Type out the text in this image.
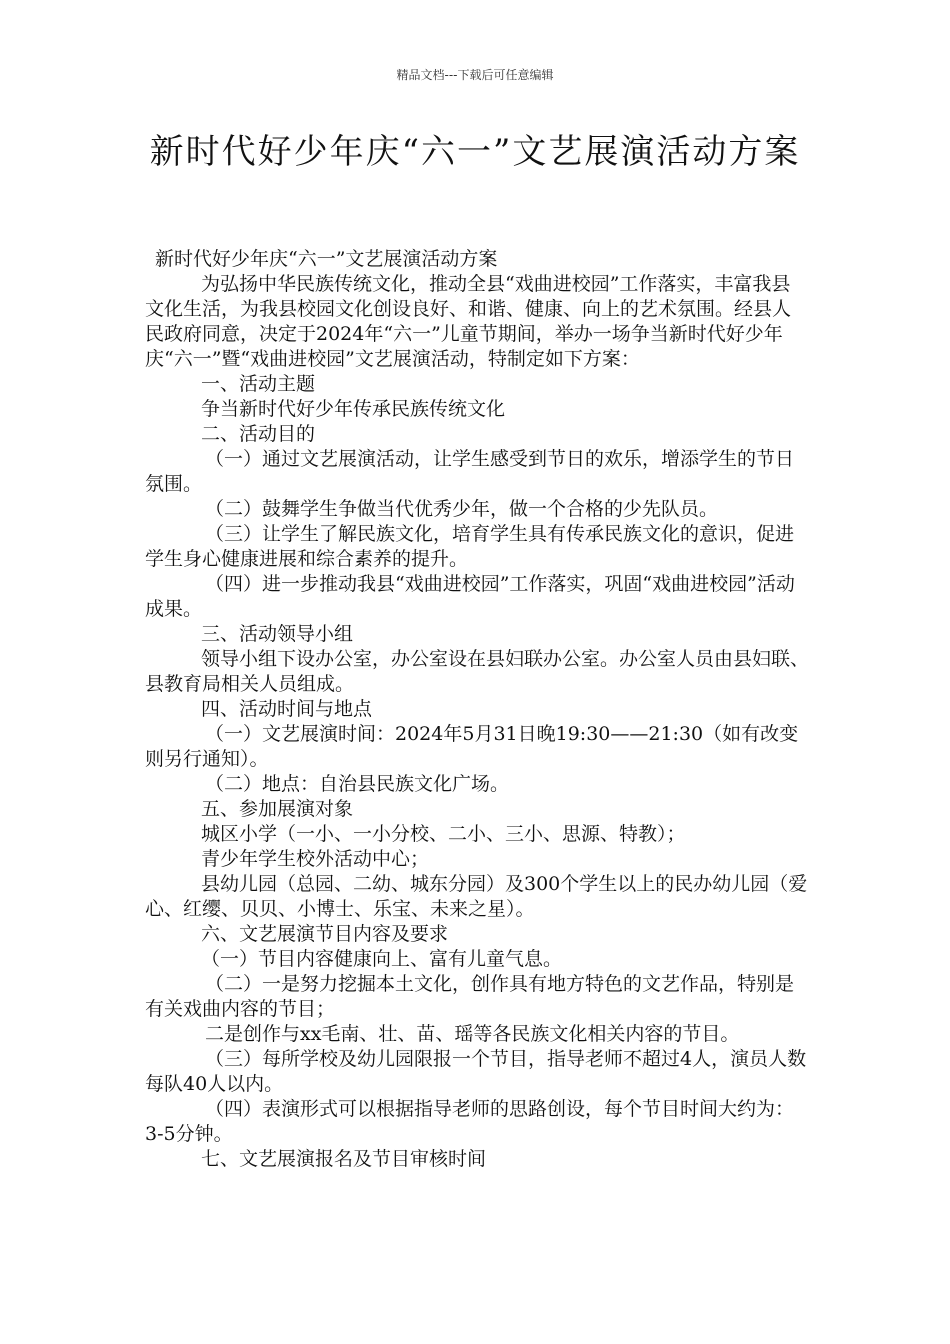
精品文档---下载后可任意编辑
新时代好少年庆“六一”文艺展演活动方案

新时代好少年庆“六一”文艺展演活动方案

为弘扬中华民族传统文化，推动全县“戏曲进校园”工作落实，丰富我县文化生活，为我县校园文化创设良好、和谐、健康、向上的艺术氛围。经县人民政府同意，决定于2024年“六一”儿童节期间，举办一场争当新时代好少年庆“六一”暨“戏曲进校园”文艺展演活动，特制定如下方案：

一、活动主题

争当新时代好少年传承民族传统文化

二、活动目的

（一）通过文艺展演活动，让学生感受到节日的欢乐，增添学生的节日氛围。

（二）鼓舞学生争做当代优秀少年，做一个合格的少先队员。

（三）让学生了解民族文化，培育学生具有传承民族文化的意识，促进学生身心健康进展和综合素养的提升。

（四）进一步推动我县“戏曲进校园”工作落实，巩固“戏曲进校园”活动成果。

三、活动领导小组

领导小组下设办公室，办公室设在县妇联办公室。办公室人员由县妇联、县教育局相关人员组成。

四、活动时间与地点

（一）文艺展演时间：2024年5月31日晚19:30——21:30（如有改变则另行通知）。

（二）地点：自治县民族文化广场。

五、参加展演对象

城区小学（一小、一小分校、二小、三小、思源、特教）；

青少年学生校外活动中心；

县幼儿园（总园、二幼、城东分园）及300个学生以上的民办幼儿园（爱心、红缨、贝贝、小博士、乐宝、未来之星）。

六、文艺展演节目内容及要求

（一）节目内容健康向上、富有儿童气息。

（二）一是努力挖掘本土文化，创作具有地方特色的文艺作品，特别是有关戏曲内容的节目；

二是创作与xx毛南、壮、苗、瑶等各民族文化相关内容的节目。

（三）每所学校及幼儿园限报一个节目，指导老师不超过4人，演员人数每队40人以内。

（四）表演形式可以根据指导老师的思路创设，每个节目时间大约为：3-5分钟。

七、文艺展演报名及节目审核时间
